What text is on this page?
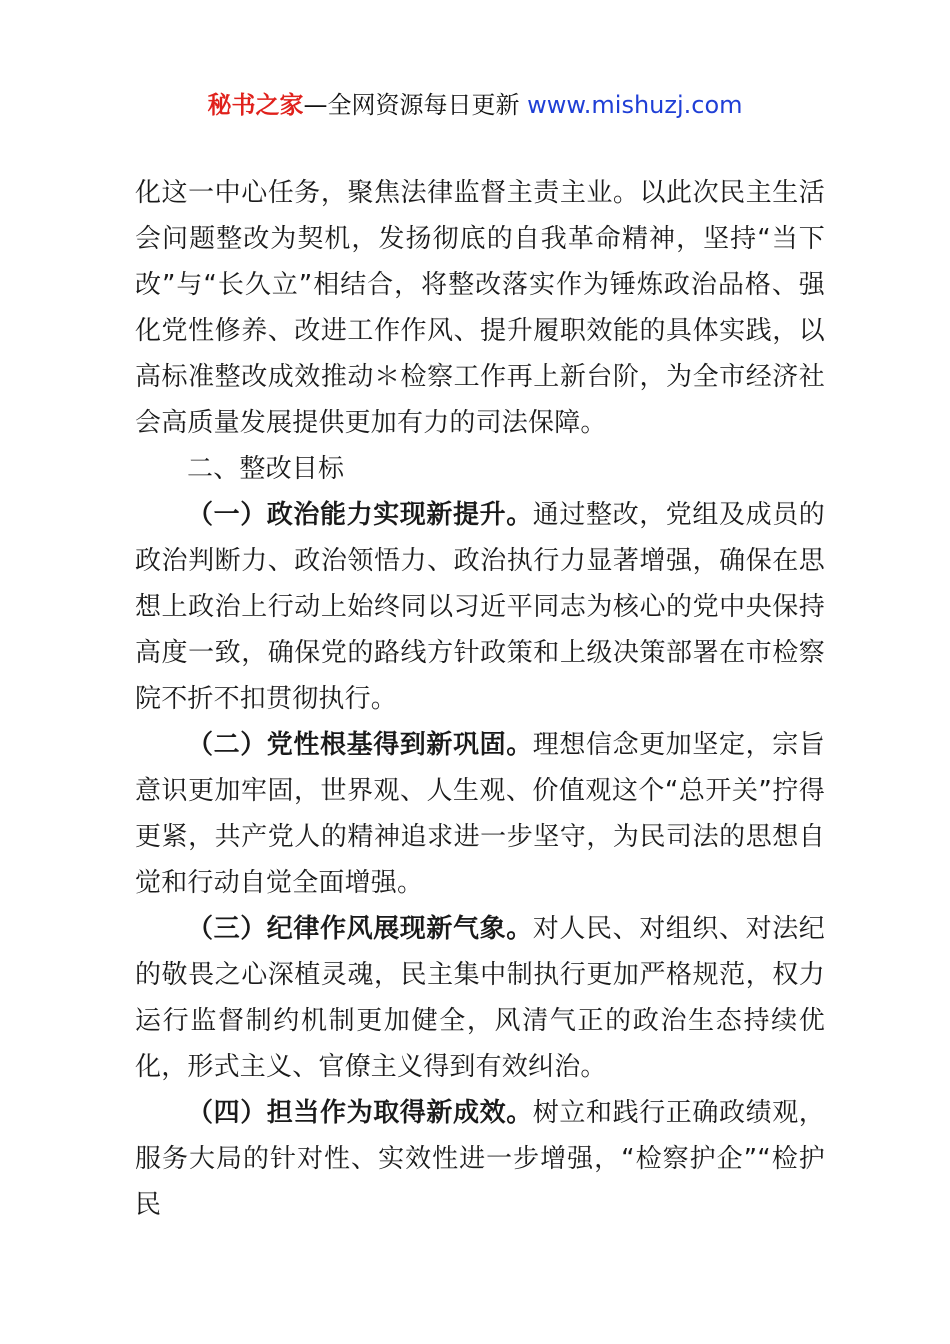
秘书之家—全网资源每日更新 www.mishuzj.com

化这一中心任务，聚焦法律监督主责主业。以此次民主生活会问题整改为契机，发扬彻底的自我革命精神，坚持“当下改”与“长久立”相结合，将整改落实作为锤炼政治品格、强化党性修养、改进工作作风、提升履职效能的具体实践，以高标准整改成效推动＊检察工作再上新台阶，为全市经济社会高质量发展提供更加有力的司法保障。

二、整改目标

（一）政治能力实现新提升。通过整改，党组及成员的政治判断力、政治领悟力、政治执行力显著增强，确保在思想上政治上行动上始终同以习近平同志为核心的党中央保持高度一致，确保党的路线方针政策和上级决策部署在市检察院不折不扣贯彻执行。

（二）党性根基得到新巩固。理想信念更加坚定，宗旨意识更加牢固，世界观、人生观、价值观这个“总开关”拧得更紧，共产党人的精神追求进一步坚守，为民司法的思想自觉和行动自觉全面增强。

（三）纪律作风展现新气象。对人民、对组织、对法纪的敬畏之心深植灵魂，民主集中制执行更加严格规范，权力运行监督制约机制更加健全，风清气正的政治生态持续优化，形式主义、官僚主义得到有效纠治。

（四）担当作为取得新成效。树立和践行正确政绩观，服务大局的针对性、实效性进一步增强，“检察护企”“检护民
